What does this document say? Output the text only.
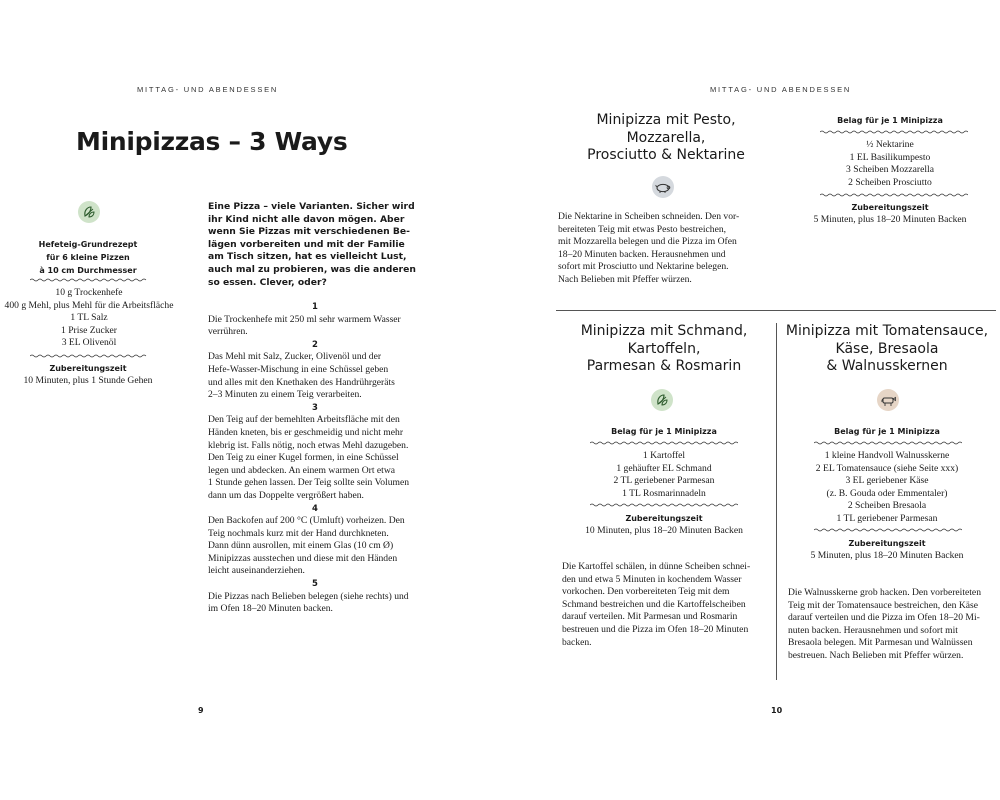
MITTAG- UND ABENDESSEN
Minipizzas – 3 Ways
Hefeteig-Grundrezept
für 6 kleine Pizzen
à 10 cm Durchmesser
10 g Trockenhefe
400 g Mehl, plus Mehl für die Arbeitsfläche
1 TL Salz
1 Prise Zucker
3 EL Olivenöl
Zubereitungszeit
10 Minuten, plus 1 Stunde Gehen
Eine Pizza – viele Varianten. Sicher wird
ihr Kind nicht alle davon mögen. Aber
wenn Sie Pizzas mit verschiedenen Be-
lägen vorbereiten und mit der Familie
am Tisch sitzen, hat es vielleicht Lust,
auch mal zu probieren, was die anderen
so essen. Clever, oder?
1
Die Trockenhefe mit 250 ml sehr warmem Wasser
verrühren.
2
Das Mehl mit Salz, Zucker, Olivenöl und der
Hefe-Wasser-Mischung in eine Schüssel geben
und alles mit den Knethaken des Handrührgeräts
2–3 Minuten zu einem Teig verarbeiten.
3
Den Teig auf der bemehlten Arbeitsfläche mit den
Händen kneten, bis er geschmeidig und nicht mehr
klebrig ist. Falls nötig, noch etwas Mehl dazugeben.
Den Teig zu einer Kugel formen, in eine Schüssel
legen und abdecken. An einem warmen Ort etwa
1 Stunde gehen lassen. Der Teig sollte sein Volumen
dann um das Doppelte vergrößert haben.
4
Den Backofen auf 200 °C (Umluft) vorheizen. Den
Teig nochmals kurz mit der Hand durchkneten.
Dann dünn ausrollen, mit einem Glas (10 cm Ø)
Minipizzas ausstechen und diese mit den Händen
leicht auseinanderziehen.
5
Die Pizzas nach Belieben belegen (siehe rechts) und
im Ofen 18–20 Minuten backen.
9
MITTAG- UND ABENDESSEN
Minipizza mit Pesto,
Mozzarella,
Prosciutto & Nektarine
Die Nektarine in Scheiben schneiden. Den vor-
bereiteten Teig mit etwas Pesto bestreichen,
mit Mozzarella belegen und die Pizza im Ofen
18–20 Minuten backen. Herausnehmen und
sofort mit Prosciutto und Nektarine belegen.
Nach Belieben mit Pfeffer würzen.
Belag für je 1 Minipizza
½ Nektarine
1 EL Basilikumpesto
3 Scheiben Mozzarella
2 Scheiben Prosciutto
Zubereitungszeit
5 Minuten, plus 18–20 Minuten Backen
Minipizza mit Schmand,
Kartoffeln,
Parmesan & Rosmarin
Belag für je 1 Minipizza
1 Kartoffel
1 gehäufter EL Schmand
2 TL geriebener Parmesan
1 TL Rosmarinnadeln
Zubereitungszeit
10 Minuten, plus 18–20 Minuten Backen
Die Kartoffel schälen, in dünne Scheiben schnei-
den und etwa 5 Minuten in kochendem Wasser
vorkochen. Den vorbereiteten Teig mit dem
Schmand bestreichen und die Kartoffelscheiben
darauf verteilen. Mit Parmesan und Rosmarin
bestreuen und die Pizza im Ofen 18–20 Minuten
backen.
Minipizza mit Tomatensauce,
Käse, Bresaola
& Walnusskernen
Belag für je 1 Minipizza
1 kleine Handvoll Walnusskerne
2 EL Tomatensauce (siehe Seite xxx)
3 EL geriebener Käse
(z. B. Gouda oder Emmentaler)
2 Scheiben Bresaola
1 TL geriebener Parmesan
Zubereitungszeit
5 Minuten, plus 18–20 Minuten Backen
Die Walnusskerne grob hacken. Den vorbereiteten
Teig mit der Tomatensauce bestreichen, den Käse
darauf verteilen und die Pizza im Ofen 18–20 Mi-
nuten backen. Herausnehmen und sofort mit
Bresaola belegen. Mit Parmesan und Walnüssen
bestreuen. Nach Belieben mit Pfeffer würzen.
10
